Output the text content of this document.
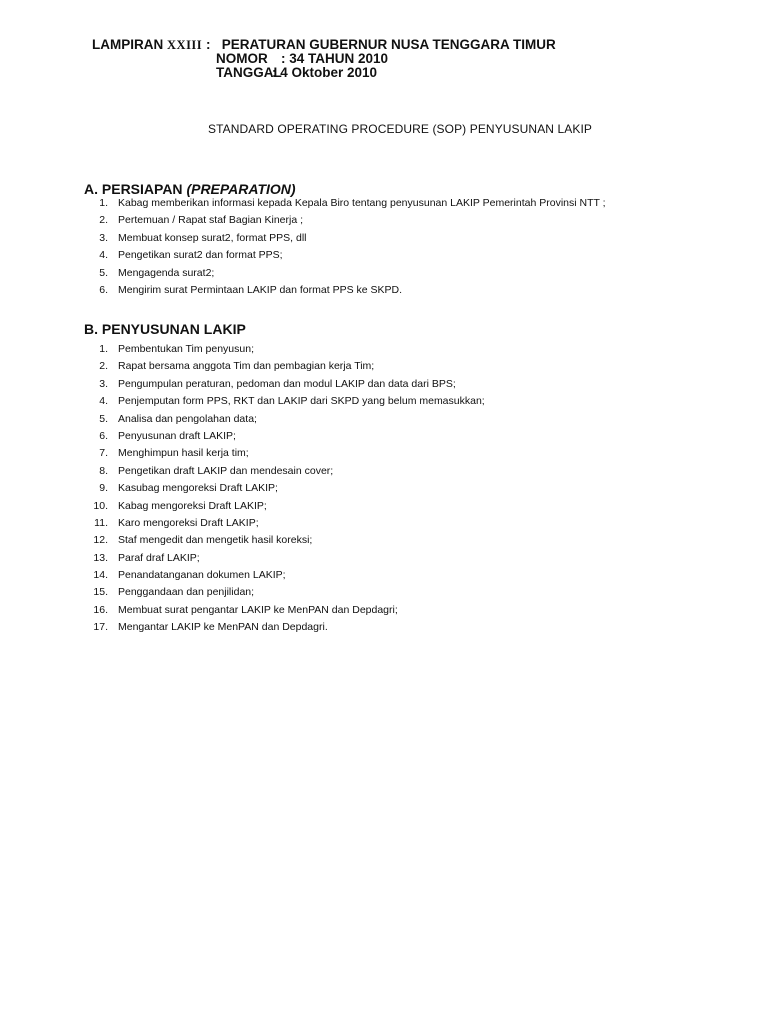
LAMPIRAN XXIII : PERATURAN GUBERNUR NUSA TENGGARA TIMUR
NOMOR : 34 TAHUN 2010
TANGGAL: 4 Oktober 2010
STANDARD OPERATING PROCEDURE (SOP) PENYUSUNAN LAKIP
A. PERSIAPAN (PREPARATION)
1. Kabag memberikan informasi kepada Kepala Biro tentang penyusunan LAKIP Pemerintah Provinsi NTT ;
2. Pertemuan / Rapat staf Bagian Kinerja ;
3. Membuat konsep surat2, format PPS, dll
4. Pengetikan surat2 dan format PPS;
5. Mengagenda surat2;
6. Mengirim surat Permintaan LAKIP dan format PPS ke SKPD.
B. PENYUSUNAN LAKIP
1. Pembentukan Tim penyusun;
2. Rapat bersama anggota Tim dan pembagian kerja Tim;
3. Pengumpulan peraturan, pedoman dan modul LAKIP dan data dari BPS;
4. Penjemputan form PPS, RKT dan LAKIP dari SKPD yang belum memasukkan;
5. Analisa dan pengolahan data;
6. Penyusunan draft LAKIP;
7. Menghimpun hasil kerja tim;
8. Pengetikan draft LAKIP dan mendesain cover;
9. Kasubag mengoreksi Draft LAKIP;
10. Kabag mengoreksi Draft LAKIP;
11. Karo mengoreksi Draft LAKIP;
12. Staf mengedit dan mengetik hasil koreksi;
13. Paraf draf LAKIP;
14. Penandatanganan dokumen LAKIP;
15. Penggandaan dan penjilidan;
16. Membuat surat pengantar LAKIP ke MenPAN dan Depdagri;
17. Mengantar LAKIP ke MenPAN dan Depdagri.
